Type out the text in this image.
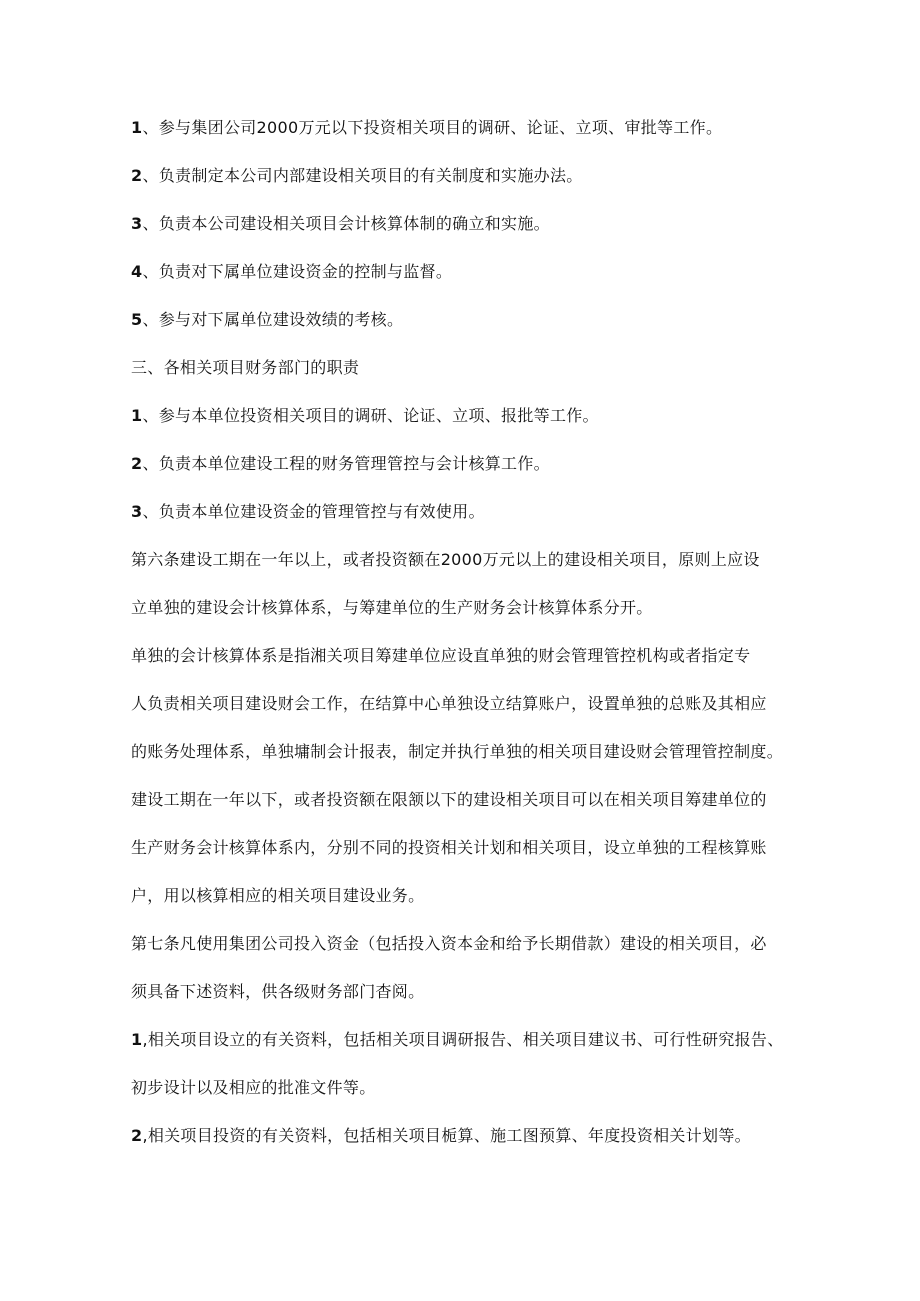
1、参与集团公司2000万元以下投资相关项目的调研、论证、立项、审批等工作。
2、负责制定本公司内部建设相关项目的有关制度和实施办法。
3、负责本公司建设相关项目会计核算体制的确立和实施。
4、负责对下属单位建设资金的控制与监督。
5、参与对下属单位建设效绩的考核。
三、各相关项目财务部门的职责
1、参与本单位投资相关项目的调研、论证、立项、报批等工作。
2、负责本单位建设工程的财务管理管控与会计核算工作。
3、负责本单位建设资金的管理管控与有效使用。
第六条建设工期在一年以上，或者投资额在2000万元以上的建设相关项目，原则上应设
立单独的建设会计核算体系，与筹建单位的生产财务会计核算体系分开。
单独的会计核算体系是指湘关项目筹建单位应设直单独的财会管理管控机构或者指定专
人负责相关项目建设财会工作，在结算中心单独设立结算账户，设置单独的总账及其相应
的账务处理体系，单独墉制会计报表，制定并执行单独的相关项目建设财会管理管控制度。
建设工期在一年以下，或者投资额在限颔以下的建设相关项目可以在相关项目筹建单位的
生产财务会计核算体系内，分别不同的投资相关计划和相关项目，设立单独的工程核算账
户，用以核算相应的相关项目建设业务。
第七条凡使用集团公司投入资金（包括投入资本金和给予长期借款）建设的相关项目，必
须具备下述资料，供各级财务部门杳阅。
1,相关项目设立的有关资料，包括相关项目调研报告、相关项目建议书、可行性研究报告、
初步设计以及相应的批准文件等。
2,相关项目投资的有关资料，包括相关项目栀算、施工图预算、年度投资相关计划等。
